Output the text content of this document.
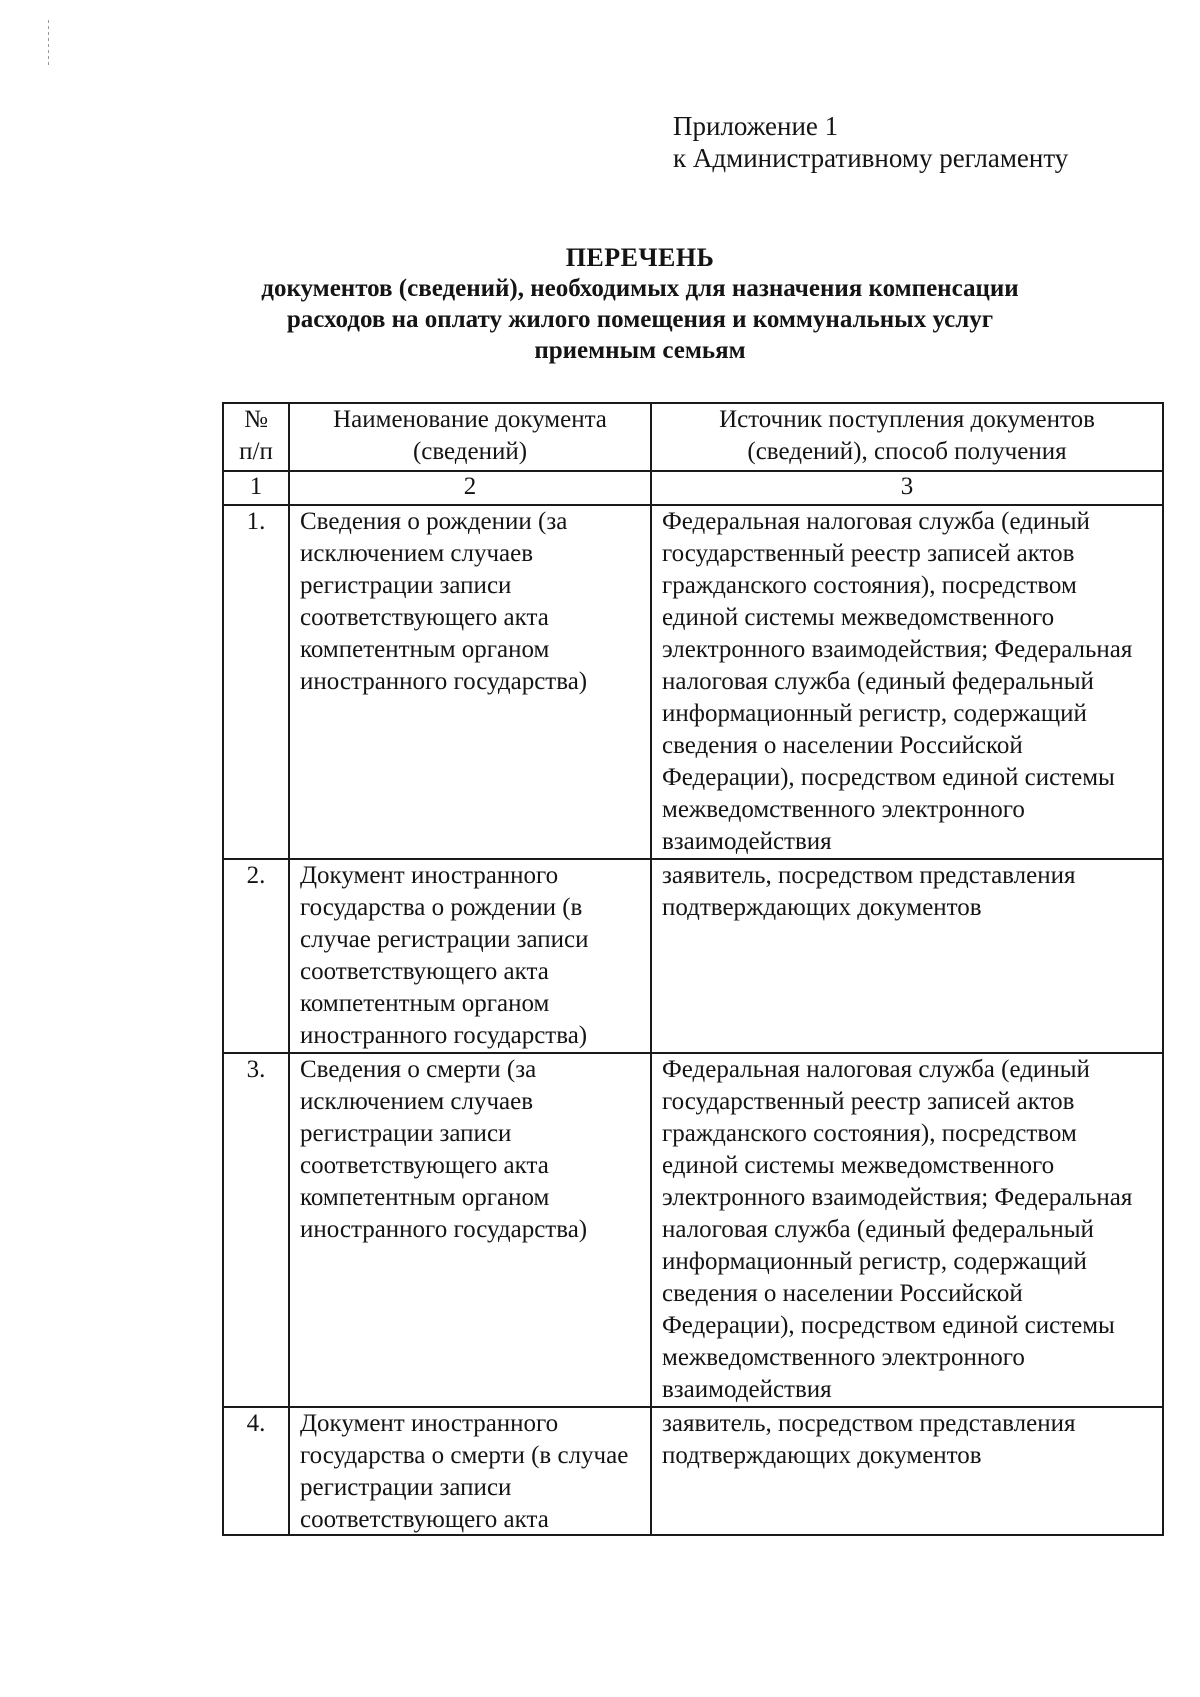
Приложение 1
к Административному регламенту
ПЕРЕЧЕНЬ
документов (сведений), необходимых для назначения компенсации
расходов на оплату жилого помещения и коммунальных услуг
приемным семьям
№ п/п	Наименование документа (сведений)	Источник поступления документов (сведений), способ получения
1	2	3
1.	Сведения о рождении (за исключением случаев регистрации записи соответствующего акта компетентным органом иностранного государства)	Федеральная налоговая служба (единый государственный реестр записей актов гражданского состояния), посредством единой системы межведомственного электронного взаимодействия; Федеральная налоговая служба (единый федеральный информационный регистр, содержащий сведения о населении Российской Федерации), посредством единой системы межведомственного электронного взаимодействия
2.	Документ иностранного государства о рождении (в случае регистрации записи соответствующего акта компетентным органом иностранного государства)	заявитель, посредством представления подтверждающих документов
3.	Сведения о смерти (за исключением случаев регистрации записи соответствующего акта компетентным органом иностранного государства)	Федеральная налоговая служба (единый государственный реестр записей актов гражданского состояния), посредством единой системы межведомственного электронного взаимодействия; Федеральная налоговая служба (единый федеральный информационный регистр, содержащий сведения о населении Российской Федерации), посредством единой системы межведомственного электронного взаимодействия
4.	Документ иностранного государства о смерти (в случае регистрации записи соответствующего акта	заявитель, посредством представления подтверждающих документов
